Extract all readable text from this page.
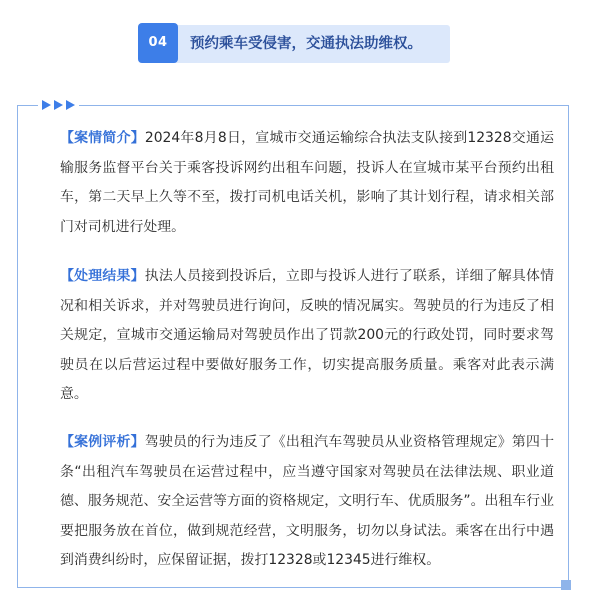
04	预约乘车受侵害，交通执法助维权。

【案情简介】2024年8月8日，宣城市交通运输综合执法支队接到12328交通运输服务监督平台关于乘客投诉网约出租车问题，投诉人在宣城市某平台预约出租车，第二天早上久等不至，拨打司机电话关机，影响了其计划行程，请求相关部门对司机进行处理。

【处理结果】执法人员接到投诉后，立即与投诉人进行了联系，详细了解具体情况和相关诉求，并对驾驶员进行询问，反映的情况属实。驾驶员的行为违反了相关规定，宣城市交通运输局对驾驶员作出了罚款200元的行政处罚，同时要求驾驶员在以后营运过程中要做好服务工作，切实提高服务质量。乘客对此表示满意。

【案例评析】驾驶员的行为违反了《出租汽车驾驶员从业资格管理规定》第四十条“出租汽车驾驶员在运营过程中，应当遵守国家对驾驶员在法律法规、职业道德、服务规范、安全运营等方面的资格规定，文明行车、优质服务”。出租车行业要把服务放在首位，做到规范经营，文明服务，切勿以身试法。乘客在出行中遇到消费纠纷时，应保留证据，拨打12328或12345进行维权。
